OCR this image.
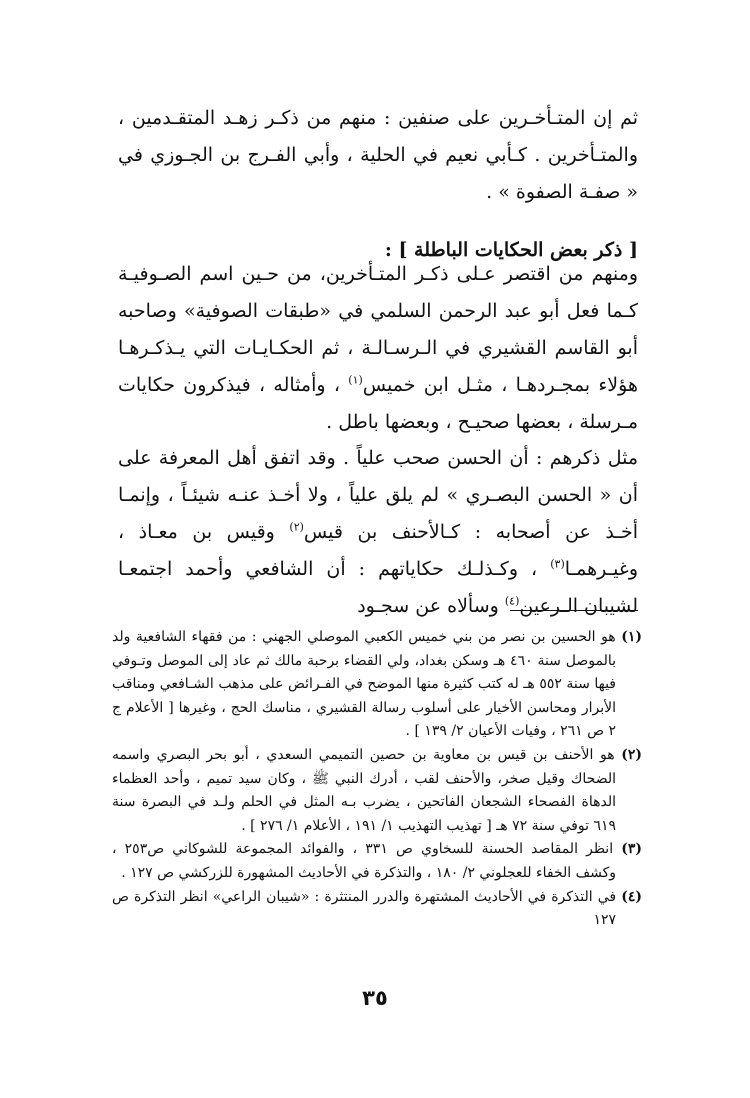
ثم إن المتـأخـرين على صنفين : منهم من ذكـر زهـد المتقـدمين ، والمتـأخرين . كـأبي نعيم في الحلية ، وأبي الفـرج بن الجـوزي في « صفـة الصفوة » .

[ ذكر بعض الحكايات الباطلة ] :

ومنهم من اقتصر عـلى ذكـر المتـأخرين، من حـين اسم الصـوفيـة كـما فعل أبو عبد الرحمن السلمي في «طبقات الصوفية» وصاحبه أبو القاسم القشيري في الـرسـالـة ، ثم الحكـايـات التي يـذكـرهـا هؤلاء بمجـردهـا ، مثـل ابن خميس$^{(١)}$ ، وأمثاله ، فيذكرون حكايات مـرسلة ، بعضها صحيـح ، وبعضها باطل .

مثل ذكرهم : أن الحسن صحب علياً . وقد اتفق أهل المعرفة على أن « الحسن البصـري » لم يلق علياً ، ولا أخـذ عنـه شيئـاً ، وإنمـا أخـذ عن أصحابه : كـالأحنف بن قيس$^{(٢)}$ وقيس بن معـاذ ، وغيـرهمـا$^{(٣)}$ ، وكـذلـك حكاياتهم : أن الشافعي وأحمد اجتمعـا لشيبان الـرعين$^{(٤)}$ وسألاه عن سجـود

(١) هو الحسين بن نصر من بني خميس الكعبي الموصلي الجهني : من فقهاء الشافعية ولد بالموصل سنة ٤٦٠ هـ وسكن بغداد، ولي القضاء برحبة مالك ثم عاد إلى الموصل وتـوفي فيها سنة ٥٥٢ هـ له كتب كثيرة منها الموضح في الفـرائض على مذهب الشـافعي ومناقب الأبرار ومحاسن الأخيار على أسلوب رسالة القشيري ، مناسك الحج ، وغيرها [ الأعلام ج ٢ ص ٢٦١ ، وفيات الأعيان ٢/ ١٣٩ ] .

(٢) هو الأحنف بن قيس بن معاوية بن حصين التميمي السعدي ، أبو بحر البصري واسمه الضحاك وقيل صخر، والأحنف لقب ، أدرك النبي ﷺ ، وكان سيد تميم ، وأحد العظماء الدهاة الفصحاء الشجعان الفاتحين ، يضرب بـه المثل في الحلم ولـد في البصرة سنة ٦١٩ توفي سنة ٧٢ هـ [ تهذيب التهذيب ١/ ١٩١ ، الأعلام ١/ ٢٧٦ ] .

(٣) انظر المقاصد الحسنة للسخاوي ص ٣٣١ ، والفوائد المجموعة للشوكاني ص٢٥٣ ، وكشف الخفاء للعجلوني ٢/ ١٨٠ ، والتذكرة في الأحاديث المشهورة للزركشي ص ١٢٧ .

(٤) في التذكرة في الأحاديث المشتهرة والدرر المنتثرة : «شيبان الراعي» انظر التذكرة ص ١٢٧

٣٥
